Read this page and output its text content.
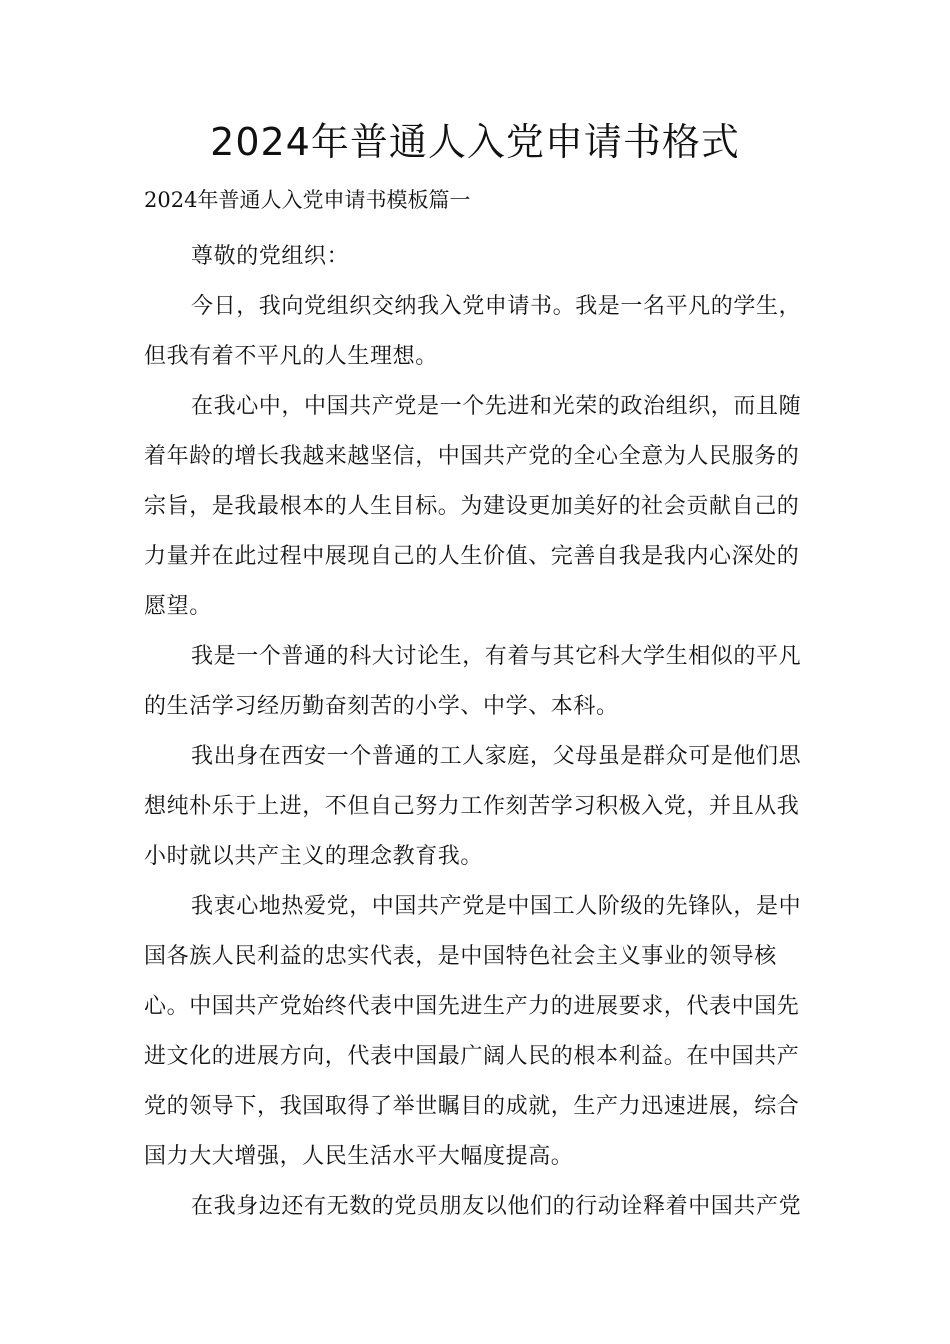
2024年普通人入党申请书格式
2024年普通人入党申请书模板篇一

尊敬的党组织：

今日，我向党组织交纳我入党申请书。我是一名平凡的学生，但我有着不平凡的人生理想。

在我心中，中国共产党是一个先进和光荣的政治组织，而且随着年龄的增长我越来越坚信，中国共产党的全心全意为人民服务的宗旨，是我最根本的人生目标。为建设更加美好的社会贡献自己的力量并在此过程中展现自己的人生价值、完善自我是我内心深处的愿望。

我是一个普通的科大讨论生，有着与其它科大学生相似的平凡的生活学习经历勤奋刻苦的小学、中学、本科。

我出身在西安一个普通的工人家庭，父母虽是群众可是他们思想纯朴乐于上进，不但自己努力工作刻苦学习积极入党，并且从我小时就以共产主义的理念教育我。

我衷心地热爱党，中国共产党是中国工人阶级的先锋队，是中国各族人民利益的忠实代表，是中国特色社会主义事业的领导核心。中国共产党始终代表中国先进生产力的进展要求，代表中国先进文化的进展方向，代表中国最广阔人民的根本利益。在中国共产党的领导下，我国取得了举世瞩目的成就，生产力迅速进展，综合国力大大增强，人民生活水平大幅度提高。

在我身边还有无数的党员朋友以他们的行动诠释着中国共产党
